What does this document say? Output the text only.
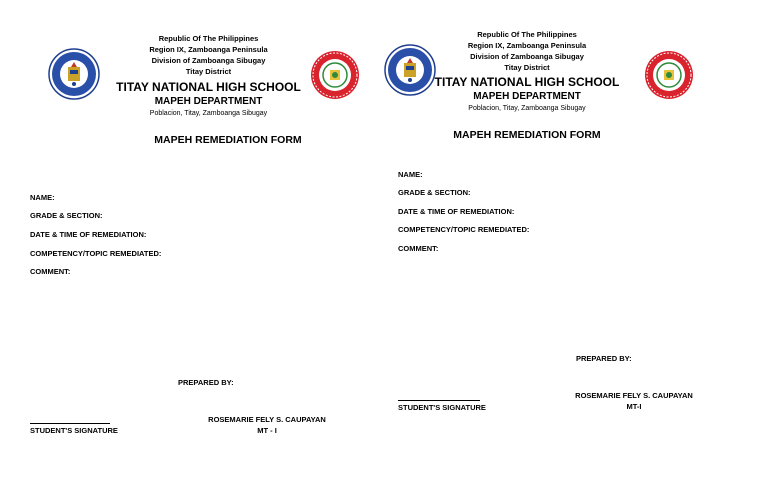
Republic Of The Philippines
Region IX, Zamboanga Peninsula
Division of Zamboanga Sibugay
Titay District
TITAY NATIONAL HIGH SCHOOL
MAPEH DEPARTMENT
Poblacion, Titay, Zamboanga Sibugay
MAPEH REMEDIATION FORM
NAME:
GRADE & SECTION:
DATE & TIME OF REMEDIATION:
COMPETENCY/TOPIC REMEDIATED:
COMMENT:
PREPARED BY:
STUDENT'S SIGNATURE
ROSEMARIE FELY S. CAUPAYAN
MT - I
Republic Of The Philippines
Region IX, Zamboanga Peninsula
Division of Zamboanga Sibugay
Titay District
TITAY NATIONAL HIGH SCHOOL
MAPEH DEPARTMENT
Poblacion, Titay, Zamboanga Sibugay
MAPEH REMEDIATION FORM
NAME:
GRADE & SECTION:
DATE & TIME OF REMEDIATION:
COMPETENCY/TOPIC REMEDIATED:
COMMENT:
PREPARED BY:
ROSEMARIE FELY S. CAUPAYAN
MT-I
STUDENT'S SIGNATURE
